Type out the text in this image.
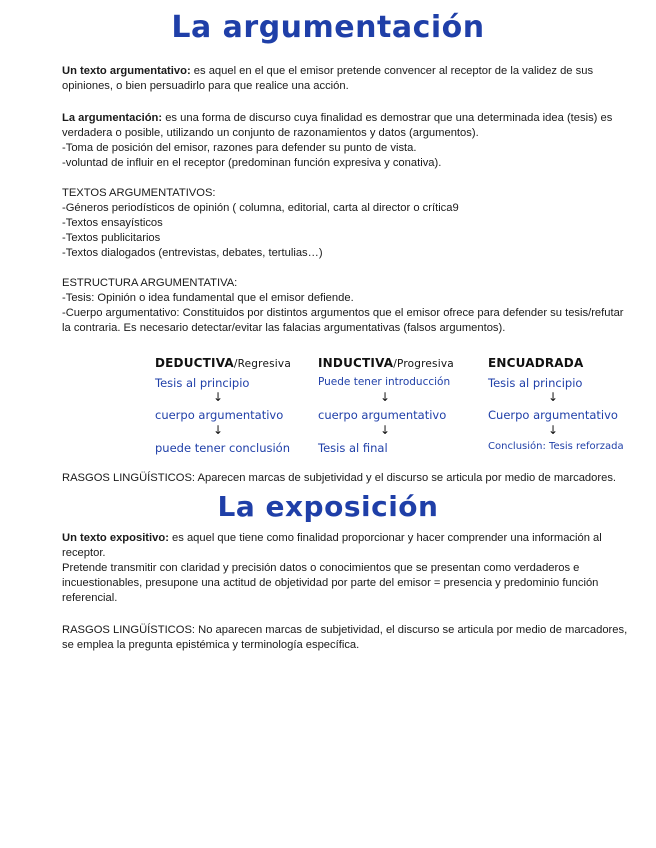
La argumentación

Un texto argumentativo: es aquel en el que el emisor pretende convencer al receptor de la validez de sus opiniones, o bien persuadirlo para que realice una acción.

La argumentación: es una forma de discurso cuya finalidad es demostrar que una determinada idea (tesis) es verdadera o posible, utilizando un conjunto de razonamientos y datos (argumentos).

-Toma de posición del emisor, razones para defender su punto de vista.

-voluntad de influir en el receptor (predominan función expresiva y conativa).

TEXTOS ARGUMENTATIVOS:

-Géneros periodísticos de opinión ( columna, editorial, carta al director o crítica9

-Textos ensayísticos

-Textos publicitarios

-Textos dialogados (entrevistas, debates, tertulias…)

ESTRUCTURA ARGUMENTATIVA:

-Tesis: Opinión o idea fundamental que el emisor defiende.

-Cuerpo argumentativo: Constituidos por distintos argumentos que el emisor ofrece para defender su tesis/refutar la contraria. Es necesario detectar/evitar las falacias argumentativas (falsos argumentos).

DEDUCTIVA/Regresiva
Tesis al principio
↓
cuerpo argumentativo
↓
puede tener conclusión
INDUCTIVA/Progresiva
Puede tener introducción
↓
cuerpo argumentativo
↓
Tesis al final
ENCUADRADA
Tesis al principio
↓
Cuerpo argumentativo
↓
Conclusión: Tesis reforzada

RASGOS LINGÜÍSTICOS: Aparecen marcas de subjetividad y el discurso se articula por medio de marcadores.

La exposición

Un texto expositivo: es aquel que tiene como finalidad proporcionar y hacer comprender una información al receptor.

Pretende transmitir con claridad y precisión datos o conocimientos que se presentan como verdaderos e incuestionables, presupone una actitud de objetividad por parte del emisor = presencia y predominio función referencial.

RASGOS LINGÜÍSTICOS: No aparecen marcas de subjetividad, el discurso se articula por medio de marcadores, se emplea la pregunta epistémica y terminología específica.
